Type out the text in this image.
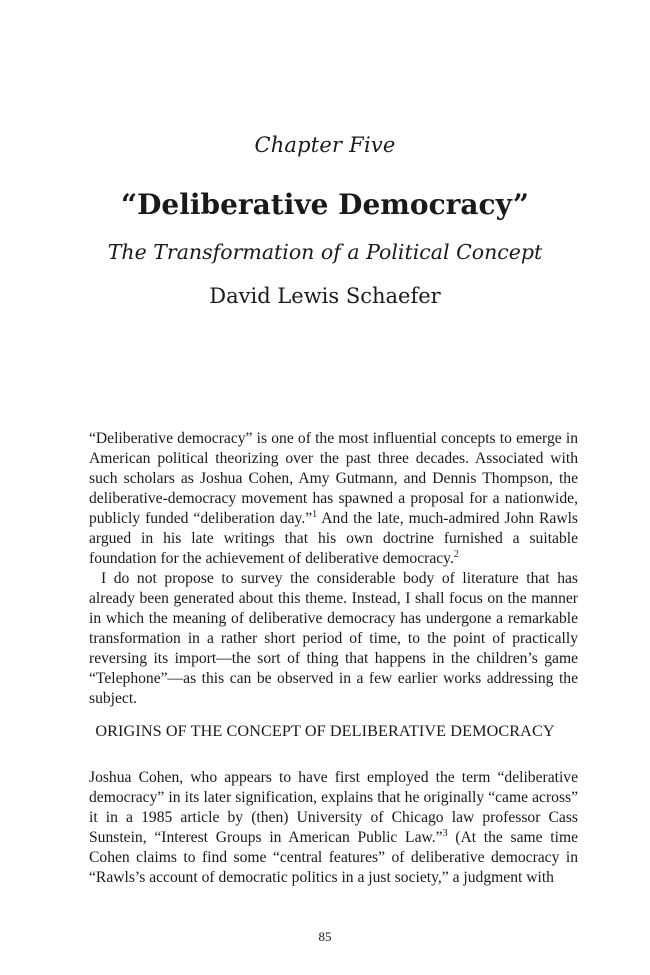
Chapter Five
“Deliberative Democracy”
The Transformation of a Political Concept
David Lewis Schaefer

“Deliberative democracy” is one of the most influential concepts to emerge in American political theorizing over the past three decades. Associated with such scholars as Joshua Cohen, Amy Gutmann, and Dennis Thompson, the deliberative-democracy movement has spawned a proposal for a nationwide, publicly funded “deliberation day.”$^1$ And the late, much-admired John Rawls argued in his late writings that his own doctrine furnished a suitable foundation for the achievement of deliberative democracy.$^2$

I do not propose to survey the considerable body of literature that has already been generated about this theme. Instead, I shall focus on the manner in which the meaning of deliberative democracy has undergone a remarkable transformation in a rather short period of time, to the point of practically reversing its import—the sort of thing that happens in the children’s game “Telephone”—as this can be observed in a few earlier works addressing the subject.

ORIGINS OF THE CONCEPT OF DELIBERATIVE DEMOCRACY

Joshua Cohen, who appears to have first employed the term “deliberative democracy” in its later signification, explains that he originally “came across” it in a 1985 article by (then) University of Chicago law professor Cass Sunstein, “Interest Groups in American Public Law.”$^3$ (At the same time Cohen claims to find some “central features” of deliberative democracy in “Rawls’s account of democratic politics in a just society,” a judgment with

85
